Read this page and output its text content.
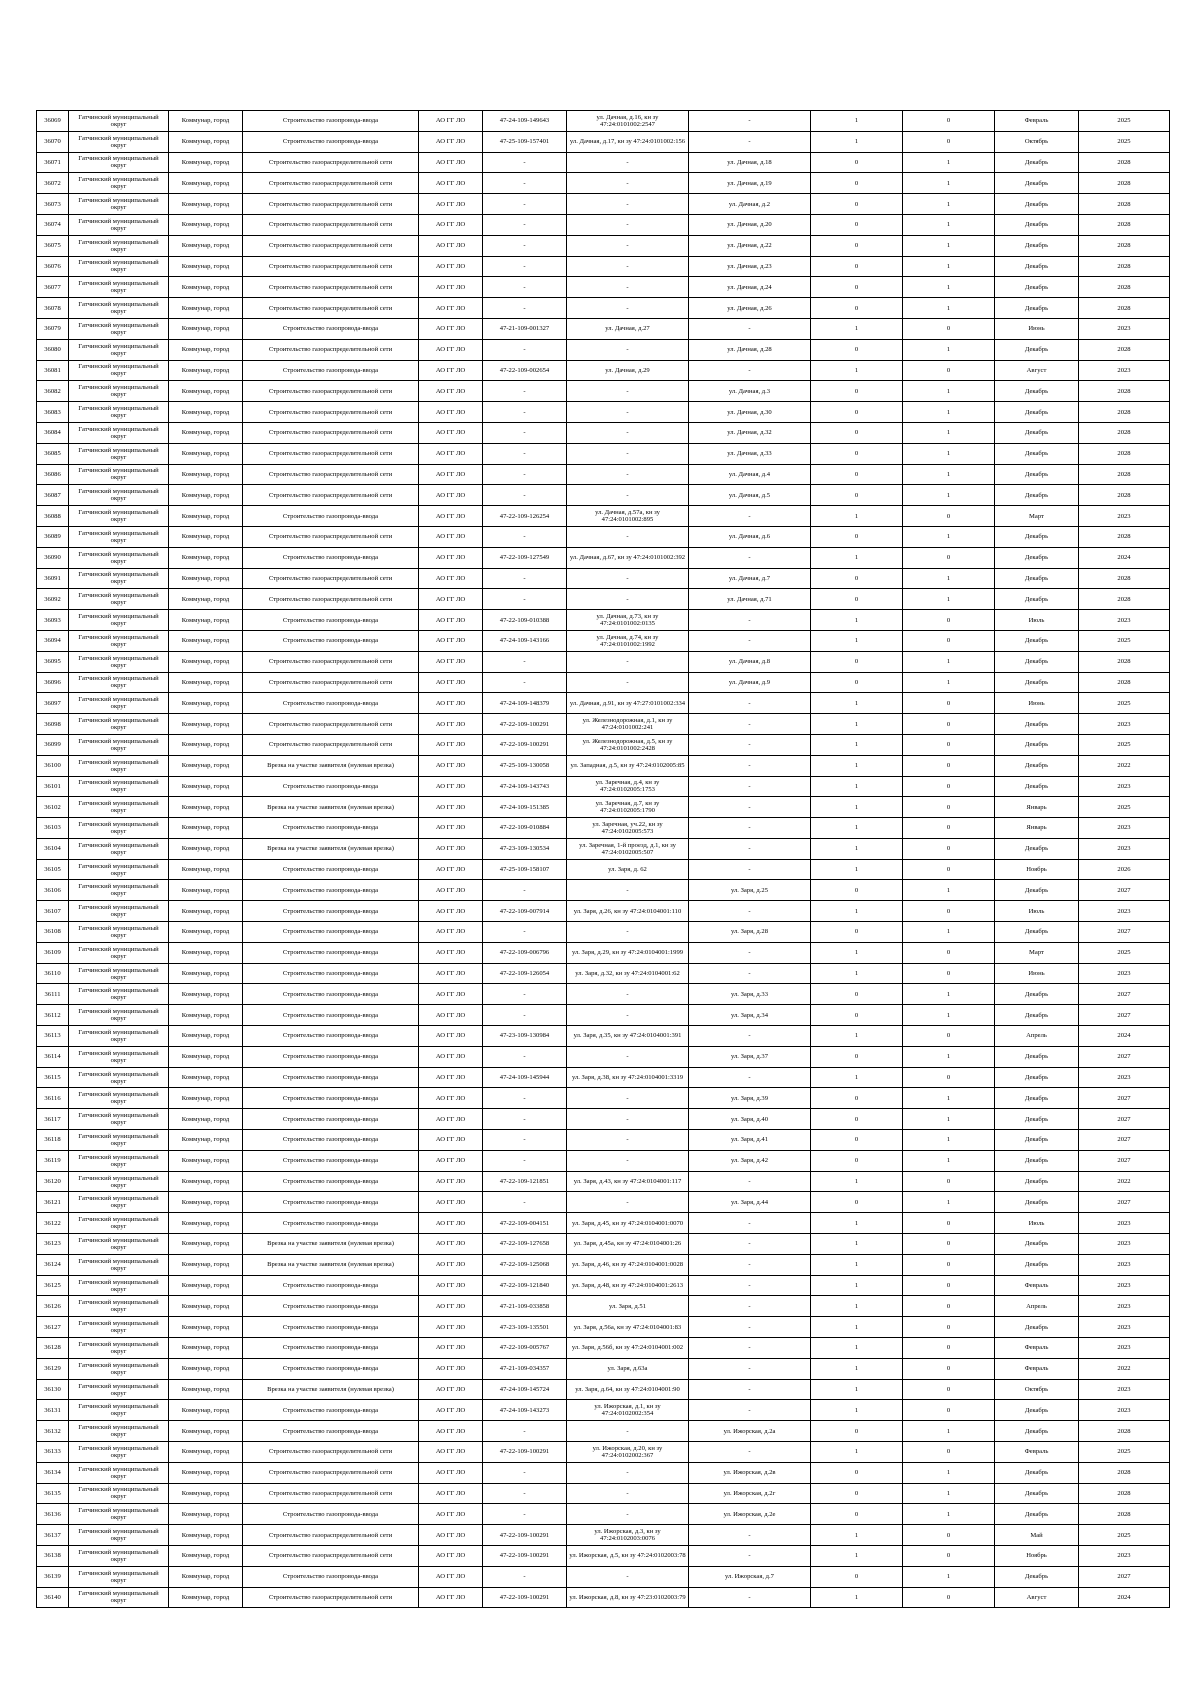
36069	Гатчинский муниципальный округ	Коммунар, город	Строительство газопровода-ввода	АО ГГ ЛО	47-24-109-149643	ул. Дачная, д.16, кн зу 47:24:0101002:2547	-	1	0	Февраль	2025
36070	Гатчинский муниципальный округ	Коммунар, город	Строительство газопровода-ввода	АО ГГ ЛО	47-25-109-157401	ул. Дачная, д.17, кн зу 47:24:0101002:156	-	1	0	Октябрь	2025
36071	Гатчинский муниципальный округ	Коммунар, город	Строительство газораспределительной сети	АО ГГ ЛО	-	-	ул. Дачная, д.18	0	1	Декабрь	2028
36072	Гатчинский муниципальный округ	Коммунар, город	Строительство газораспределительной сети	АО ГГ ЛО	-	-	ул. Дачная, д.19	0	1	Декабрь	2028
36073	Гатчинский муниципальный округ	Коммунар, город	Строительство газораспределительной сети	АО ГГ ЛО	-	-	ул. Дачная, д.2	0	1	Декабрь	2028
36074	Гатчинский муниципальный округ	Коммунар, город	Строительство газораспределительной сети	АО ГГ ЛО	-	-	ул. Дачная, д.20	0	1	Декабрь	2028
36075	Гатчинский муниципальный округ	Коммунар, город	Строительство газораспределительной сети	АО ГГ ЛО	-	-	ул. Дачная, д.22	0	1	Декабрь	2028
36076	Гатчинский муниципальный округ	Коммунар, город	Строительство газораспределительной сети	АО ГГ ЛО	-	-	ул. Дачная, д.23	0	1	Декабрь	2028
36077	Гатчинский муниципальный округ	Коммунар, город	Строительство газораспределительной сети	АО ГГ ЛО	-	-	ул. Дачная, д.24	0	1	Декабрь	2028
36078	Гатчинский муниципальный округ	Коммунар, город	Строительство газораспределительной сети	АО ГГ ЛО	-	-	ул. Дачная, д.26	0	1	Декабрь	2028
36079	Гатчинский муниципальный округ	Коммунар, город	Строительство газопровода-ввода	АО ГГ ЛО	47-21-109-001327	ул. Дачная, д.27	-	1	0	Июнь	2023
36080	Гатчинский муниципальный округ	Коммунар, город	Строительство газораспределительной сети	АО ГГ ЛО	-	-	ул. Дачная, д.28	0	1	Декабрь	2028
36081	Гатчинский муниципальный округ	Коммунар, город	Строительство газопровода-ввода	АО ГГ ЛО	47-22-109-002654	ул. Дачная, д.29	-	1	0	Август	2023
36082	Гатчинский муниципальный округ	Коммунар, город	Строительство газораспределительной сети	АО ГГ ЛО	-	-	ул. Дачная, д.3	0	1	Декабрь	2028
36083	Гатчинский муниципальный округ	Коммунар, город	Строительство газораспределительной сети	АО ГГ ЛО	-	-	ул. Дачная, д.30	0	1	Декабрь	2028
36084	Гатчинский муниципальный округ	Коммунар, город	Строительство газораспределительной сети	АО ГГ ЛО	-	-	ул. Дачная, д.32	0	1	Декабрь	2028
36085	Гатчинский муниципальный округ	Коммунар, город	Строительство газораспределительной сети	АО ГГ ЛО	-	-	ул. Дачная, д.33	0	1	Декабрь	2028
36086	Гатчинский муниципальный округ	Коммунар, город	Строительство газораспределительной сети	АО ГГ ЛО	-	-	ул. Дачная, д.4	0	1	Декабрь	2028
36087	Гатчинский муниципальный округ	Коммунар, город	Строительство газораспределительной сети	АО ГГ ЛО	-	-	ул. Дачная, д.5	0	1	Декабрь	2028
36088	Гатчинский муниципальный округ	Коммунар, город	Строительство газопровода-ввода	АО ГГ ЛО	47-22-109-126254	ул. Дачная, д.57а, кн зу 47:24:0101002:895	-	1	0	Март	2023
36089	Гатчинский муниципальный округ	Коммунар, город	Строительство газораспределительной сети	АО ГГ ЛО	-	-	ул. Дачная, д.6	0	1	Декабрь	2028
36090	Гатчинский муниципальный округ	Коммунар, город	Строительство газопровода-ввода	АО ГГ ЛО	47-22-109-127549	ул. Дачная, д.67, кн зу 47:24:0101002:392	-	1	0	Декабрь	2024
36091	Гатчинский муниципальный округ	Коммунар, город	Строительство газораспределительной сети	АО ГГ ЛО	-	-	ул. Дачная, д.7	0	1	Декабрь	2028
36092	Гатчинский муниципальный округ	Коммунар, город	Строительство газораспределительной сети	АО ГГ ЛО	-	-	ул. Дачная, д.71	0	1	Декабрь	2028
36093	Гатчинский муниципальный округ	Коммунар, город	Строительство газопровода-ввода	АО ГГ ЛО	47-22-109-010388	ул. Дачная, д.73, кн зу 47:24:0101002:0135	-	1	0	Июль	2023
36094	Гатчинский муниципальный округ	Коммунар, город	Строительство газопровода-ввода	АО ГГ ЛО	47-24-109-143166	ул. Дачная, д.74, кн зу 47:24:0101002:1992	-	1	0	Декабрь	2025
36095	Гатчинский муниципальный округ	Коммунар, город	Строительство газораспределительной сети	АО ГГ ЛО	-	-	ул. Дачная, д.8	0	1	Декабрь	2028
36096	Гатчинский муниципальный округ	Коммунар, город	Строительство газораспределительной сети	АО ГГ ЛО	-	-	ул. Дачная, д.9	0	1	Декабрь	2028
36097	Гатчинский муниципальный округ	Коммунар, город	Строительство газопровода-ввода	АО ГГ ЛО	47-24-109-148379	ул. Дачная, д.91, кн зу 47:27:0101002:334	-	1	0	Июнь	2025
36098	Гатчинский муниципальный округ	Коммунар, город	Строительство газораспределительной сети	АО ГГ ЛО	47-22-109-100291	ул. Железнодорожная, д.1, кн зу 47:24:0101002:241	-	1	0	Декабрь	2023
36099	Гатчинский муниципальный округ	Коммунар, город	Строительство газораспределительной сети	АО ГГ ЛО	47-22-109-100291	ул. Железнодорожная, д.5, кн зу 47:24:0101002:2428	-	1	0	Декабрь	2025
36100	Гатчинский муниципальный округ	Коммунар, город	Врезка на участке заявителя (нулевая врезка)	АО ГГ ЛО	47-25-109-130058	ул. Западная, д.5, кн зу 47:24:0102005:85	-	1	0	Декабрь	2022
36101	Гатчинский муниципальный округ	Коммунар, город	Строительство газопровода-ввода	АО ГГ ЛО	47-24-109-143743	ул. Заречная, д.4, кн зу 47:24:0102005:1753	-	1	0	Декабрь	2023
36102	Гатчинский муниципальный округ	Коммунар, город	Врезка на участке заявителя (нулевая врезка)	АО ГГ ЛО	47-24-109-151385	ул. Заречная, д.7, кн зу 47:24:0102005:1790	-	1	0	Январь	2025
36103	Гатчинский муниципальный округ	Коммунар, город	Строительство газопровода-ввода	АО ГГ ЛО	47-22-109-010884	ул. Заречная, уч.22, кн зу 47:24:0102005:573	-	1	0	Январь	2023
36104	Гатчинский муниципальный округ	Коммунар, город	Врезка на участке заявителя (нулевая врезка)	АО ГГ ЛО	47-23-109-130534	ул. Заречная, 1-й проезд, д.1, кн зу 47:24:0102005:507	-	1	0	Декабрь	2023
36105	Гатчинский муниципальный округ	Коммунар, город	Строительство газопровода-ввода	АО ГГ ЛО	47-25-109-158107	ул. Заря, д. 62	-	1	0	Ноябрь	2026
36106	Гатчинский муниципальный округ	Коммунар, город	Строительство газопровода-ввода	АО ГГ ЛО	-	-	ул. Заря, д.25	0	1	Декабрь	2027
36107	Гатчинский муниципальный округ	Коммунар, город	Строительство газопровода-ввода	АО ГГ ЛО	47-22-109-007914	ул. Заря, д.26, кн зу 47:24:0104001:110	-	1	0	Июль	2023
36108	Гатчинский муниципальный округ	Коммунар, город	Строительство газопровода-ввода	АО ГГ ЛО	-	-	ул. Заря, д.28	0	1	Декабрь	2027
36109	Гатчинский муниципальный округ	Коммунар, город	Строительство газопровода-ввода	АО ГГ ЛО	47-22-109-006796	ул. Заря, д.29, кн зу 47:24:0104001:1999	-	1	0	Март	2025
36110	Гатчинский муниципальный округ	Коммунар, город	Строительство газопровода-ввода	АО ГГ ЛО	47-22-109-126054	ул. Заря, д.32, кн зу 47:24:0104001:62	-	1	0	Июнь	2023
36111	Гатчинский муниципальный округ	Коммунар, город	Строительство газопровода-ввода	АО ГГ ЛО	-	-	ул. Заря, д.33	0	1	Декабрь	2027
36112	Гатчинский муниципальный округ	Коммунар, город	Строительство газопровода-ввода	АО ГГ ЛО	-	-	ул. Заря, д.34	0	1	Декабрь	2027
36113	Гатчинский муниципальный округ	Коммунар, город	Строительство газопровода-ввода	АО ГГ ЛО	47-23-109-130984	ул. Заря, д.35, кн зу 47:24:0104001:391	-	1	0	Апрель	2024
36114	Гатчинский муниципальный округ	Коммунар, город	Строительство газопровода-ввода	АО ГГ ЛО	-	-	ул. Заря, д.37	0	1	Декабрь	2027
36115	Гатчинский муниципальный округ	Коммунар, город	Строительство газопровода-ввода	АО ГГ ЛО	47-24-109-145944	ул. Заря, д.38, кн зу 47:24:0104001:3319	-	1	0	Декабрь	2023
36116	Гатчинский муниципальный округ	Коммунар, город	Строительство газопровода-ввода	АО ГГ ЛО	-	-	ул. Заря, д.39	0	1	Декабрь	2027
36117	Гатчинский муниципальный округ	Коммунар, город	Строительство газопровода-ввода	АО ГГ ЛО	-	-	ул. Заря, д.40	0	1	Декабрь	2027
36118	Гатчинский муниципальный округ	Коммунар, город	Строительство газопровода-ввода	АО ГГ ЛО	-	-	ул. Заря, д.41	0	1	Декабрь	2027
36119	Гатчинский муниципальный округ	Коммунар, город	Строительство газопровода-ввода	АО ГГ ЛО	-	-	ул. Заря, д.42	0	1	Декабрь	2027
36120	Гатчинский муниципальный округ	Коммунар, город	Строительство газопровода-ввода	АО ГГ ЛО	47-22-109-121851	ул. Заря, д.43, кн зу 47:24:0104001:117	-	1	0	Декабрь	2022
36121	Гатчинский муниципальный округ	Коммунар, город	Строительство газопровода-ввода	АО ГГ ЛО	-	-	ул. Заря, д.44	0	1	Декабрь	2027
36122	Гатчинский муниципальный округ	Коммунар, город	Строительство газопровода-ввода	АО ГГ ЛО	47-22-109-004151	ул. Заря, д.45, кн зу 47:24:0104001:0070	-	1	0	Июль	2023
36123	Гатчинский муниципальный округ	Коммунар, город	Врезка на участке заявителя (нулевая врезка)	АО ГГ ЛО	47-22-109-127658	ул. Заря, д.45а, кн зу 47:24:0104001:26	-	1	0	Декабрь	2023
36124	Гатчинский муниципальный округ	Коммунар, город	Врезка на участке заявителя (нулевая врезка)	АО ГГ ЛО	47-22-109-125068	ул. Заря, д.46, кн зу 47:24:0104001:0028	-	1	0	Декабрь	2023
36125	Гатчинский муниципальный округ	Коммунар, город	Строительство газопровода-ввода	АО ГГ ЛО	47-22-109-121840	ул. Заря, д.48, кн зу 47:24:0104001:2613	-	1	0	Февраль	2023
36126	Гатчинский муниципальный округ	Коммунар, город	Строительство газопровода-ввода	АО ГГ ЛО	47-21-109-033858	ул. Заря, д.51	-	1	0	Апрель	2023
36127	Гатчинский муниципальный округ	Коммунар, город	Строительство газопровода-ввода	АО ГГ ЛО	47-23-109-135501	ул. Заря, д.56а, кн зу 47:24:0104001:83	-	1	0	Декабрь	2023
36128	Гатчинский муниципальный округ	Коммунар, город	Строительство газопровода-ввода	АО ГГ ЛО	47-22-109-005767	ул. Заря, д.56б, кн зу 47:24:0104001:002	-	1	0	Февраль	2023
36129	Гатчинский муниципальный округ	Коммунар, город	Строительство газопровода-ввода	АО ГГ ЛО	47-21-109-034357	ул. Заря, д.63а	-	1	0	Февраль	2022
36130	Гатчинский муниципальный округ	Коммунар, город	Врезка на участке заявителя (нулевая врезка)	АО ГГ ЛО	47-24-109-145724	ул. Заря, д.64, кн зу 47:24:0104001:90	-	1	0	Октябрь	2023
36131	Гатчинский муниципальный округ	Коммунар, город	Строительство газопровода-ввода	АО ГГ ЛО	47-24-109-143273	ул. Ижорская, д.1, кн зу 47:24:0102002:354	-	1	0	Декабрь	2023
36132	Гатчинский муниципальный округ	Коммунар, город	Строительство газопровода-ввода	АО ГГ ЛО	-	-	ул. Ижорская, д.2а	0	1	Декабрь	2028
36133	Гатчинский муниципальный округ	Коммунар, город	Строительство газораспределительной сети	АО ГГ ЛО	47-22-109-100291	ул. Ижорская, д.20, кн зу 47:24:0102002:367	-	1	0	Февраль	2025
36134	Гатчинский муниципальный округ	Коммунар, город	Строительство газораспределительной сети	АО ГГ ЛО	-	-	ул. Ижорская, д.2в	0	1	Декабрь	2028
36135	Гатчинский муниципальный округ	Коммунар, город	Строительство газораспределительной сети	АО ГГ ЛО	-	-	ул. Ижорская, д.2г	0	1	Декабрь	2028
36136	Гатчинский муниципальный округ	Коммунар, город	Строительство газопровода-ввода	АО ГГ ЛО	-	-	ул. Ижорская, д.2е	0	1	Декабрь	2028
36137	Гатчинский муниципальный округ	Коммунар, город	Строительство газораспределительной сети	АО ГГ ЛО	47-22-109-100291	ул. Ижорская, д.3, кн зу 47:24:0102003:0076	-	1	0	Май	2025
36138	Гатчинский муниципальный округ	Коммунар, город	Строительство газораспределительной сети	АО ГГ ЛО	47-22-109-100291	ул. Ижорская, д.5, кн зу 47:24:0102003:78	-	1	0	Ноябрь	2023
36139	Гатчинский муниципальный округ	Коммунар, город	Строительство газопровода-ввода	АО ГГ ЛО	-	-	ул. Ижорская, д.7	0	1	Декабрь	2027
36140	Гатчинский муниципальный округ	Коммунар, город	Строительство газораспределительной сети	АО ГГ ЛО	47-22-109-100291	ул. Ижорская, д.8, кн зу 47:23:0102003:79	-	1	0	Август	2024
